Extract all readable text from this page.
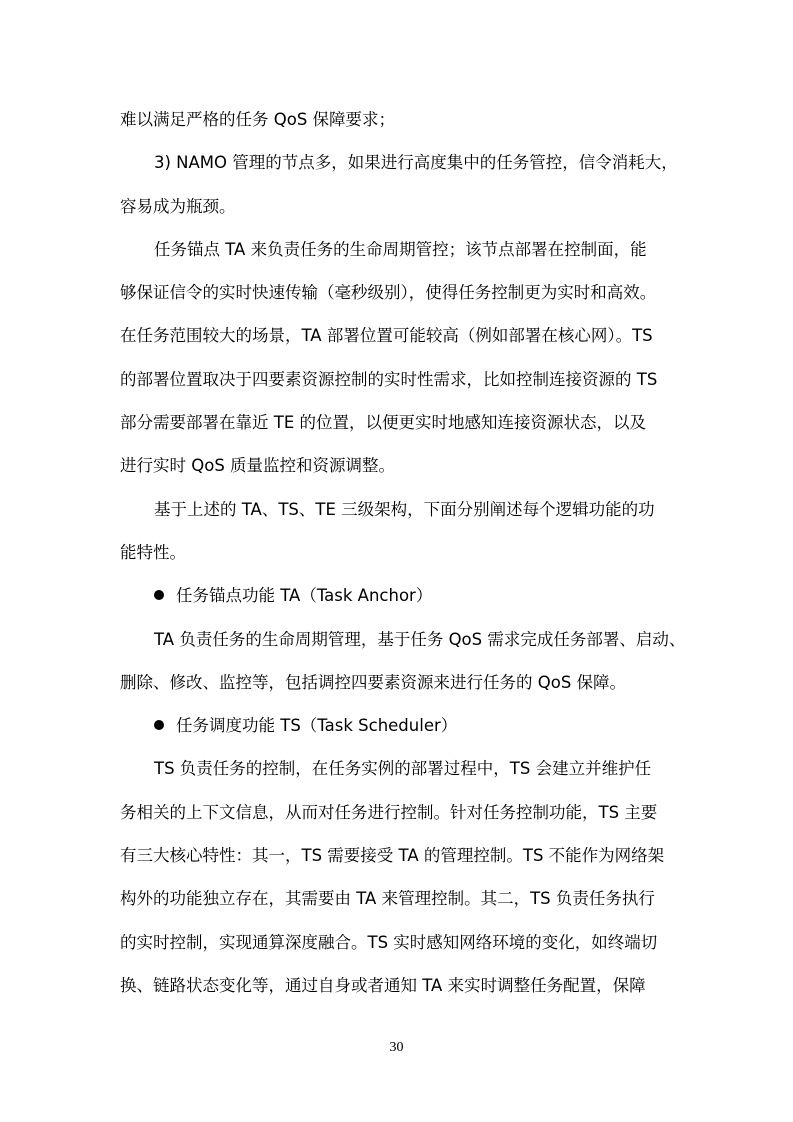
难以满足严格的任务 QoS 保障要求；
3) NAMO 管理的节点多，如果进行高度集中的任务管控，信令消耗大，
容易成为瓶颈。
任务锚点 TA 来负责任务的生命周期管控；该节点部署在控制面，能
够保证信令的实时快速传输（毫秒级别），使得任务控制更为实时和高效。
在任务范围较大的场景，TA 部署位置可能较高（例如部署在核心网）。TS
的部署位置取决于四要素资源控制的实时性需求，比如控制连接资源的 TS
部分需要部署在靠近 TE 的位置，以便更实时地感知连接资源状态，以及
进行实时 QoS 质量监控和资源调整。
基于上述的 TA、TS、TE 三级架构，下面分别阐述每个逻辑功能的功
能特性。
任务锚点功能 TA（Task Anchor）
TA 负责任务的生命周期管理，基于任务 QoS 需求完成任务部署、启动、
删除、修改、监控等，包括调控四要素资源来进行任务的 QoS 保障。
任务调度功能 TS（Task Scheduler）
TS 负责任务的控制，在任务实例的部署过程中，TS 会建立并维护任
务相关的上下文信息，从而对任务进行控制。针对任务控制功能，TS 主要
有三大核心特性：其一，TS 需要接受 TA 的管理控制。TS 不能作为网络架
构外的功能独立存在，其需要由 TA 来管理控制。其二，TS 负责任务执行
的实时控制，实现通算深度融合。TS 实时感知网络环境的变化，如终端切
换、链路状态变化等，通过自身或者通知 TA 来实时调整任务配置，保障
30
